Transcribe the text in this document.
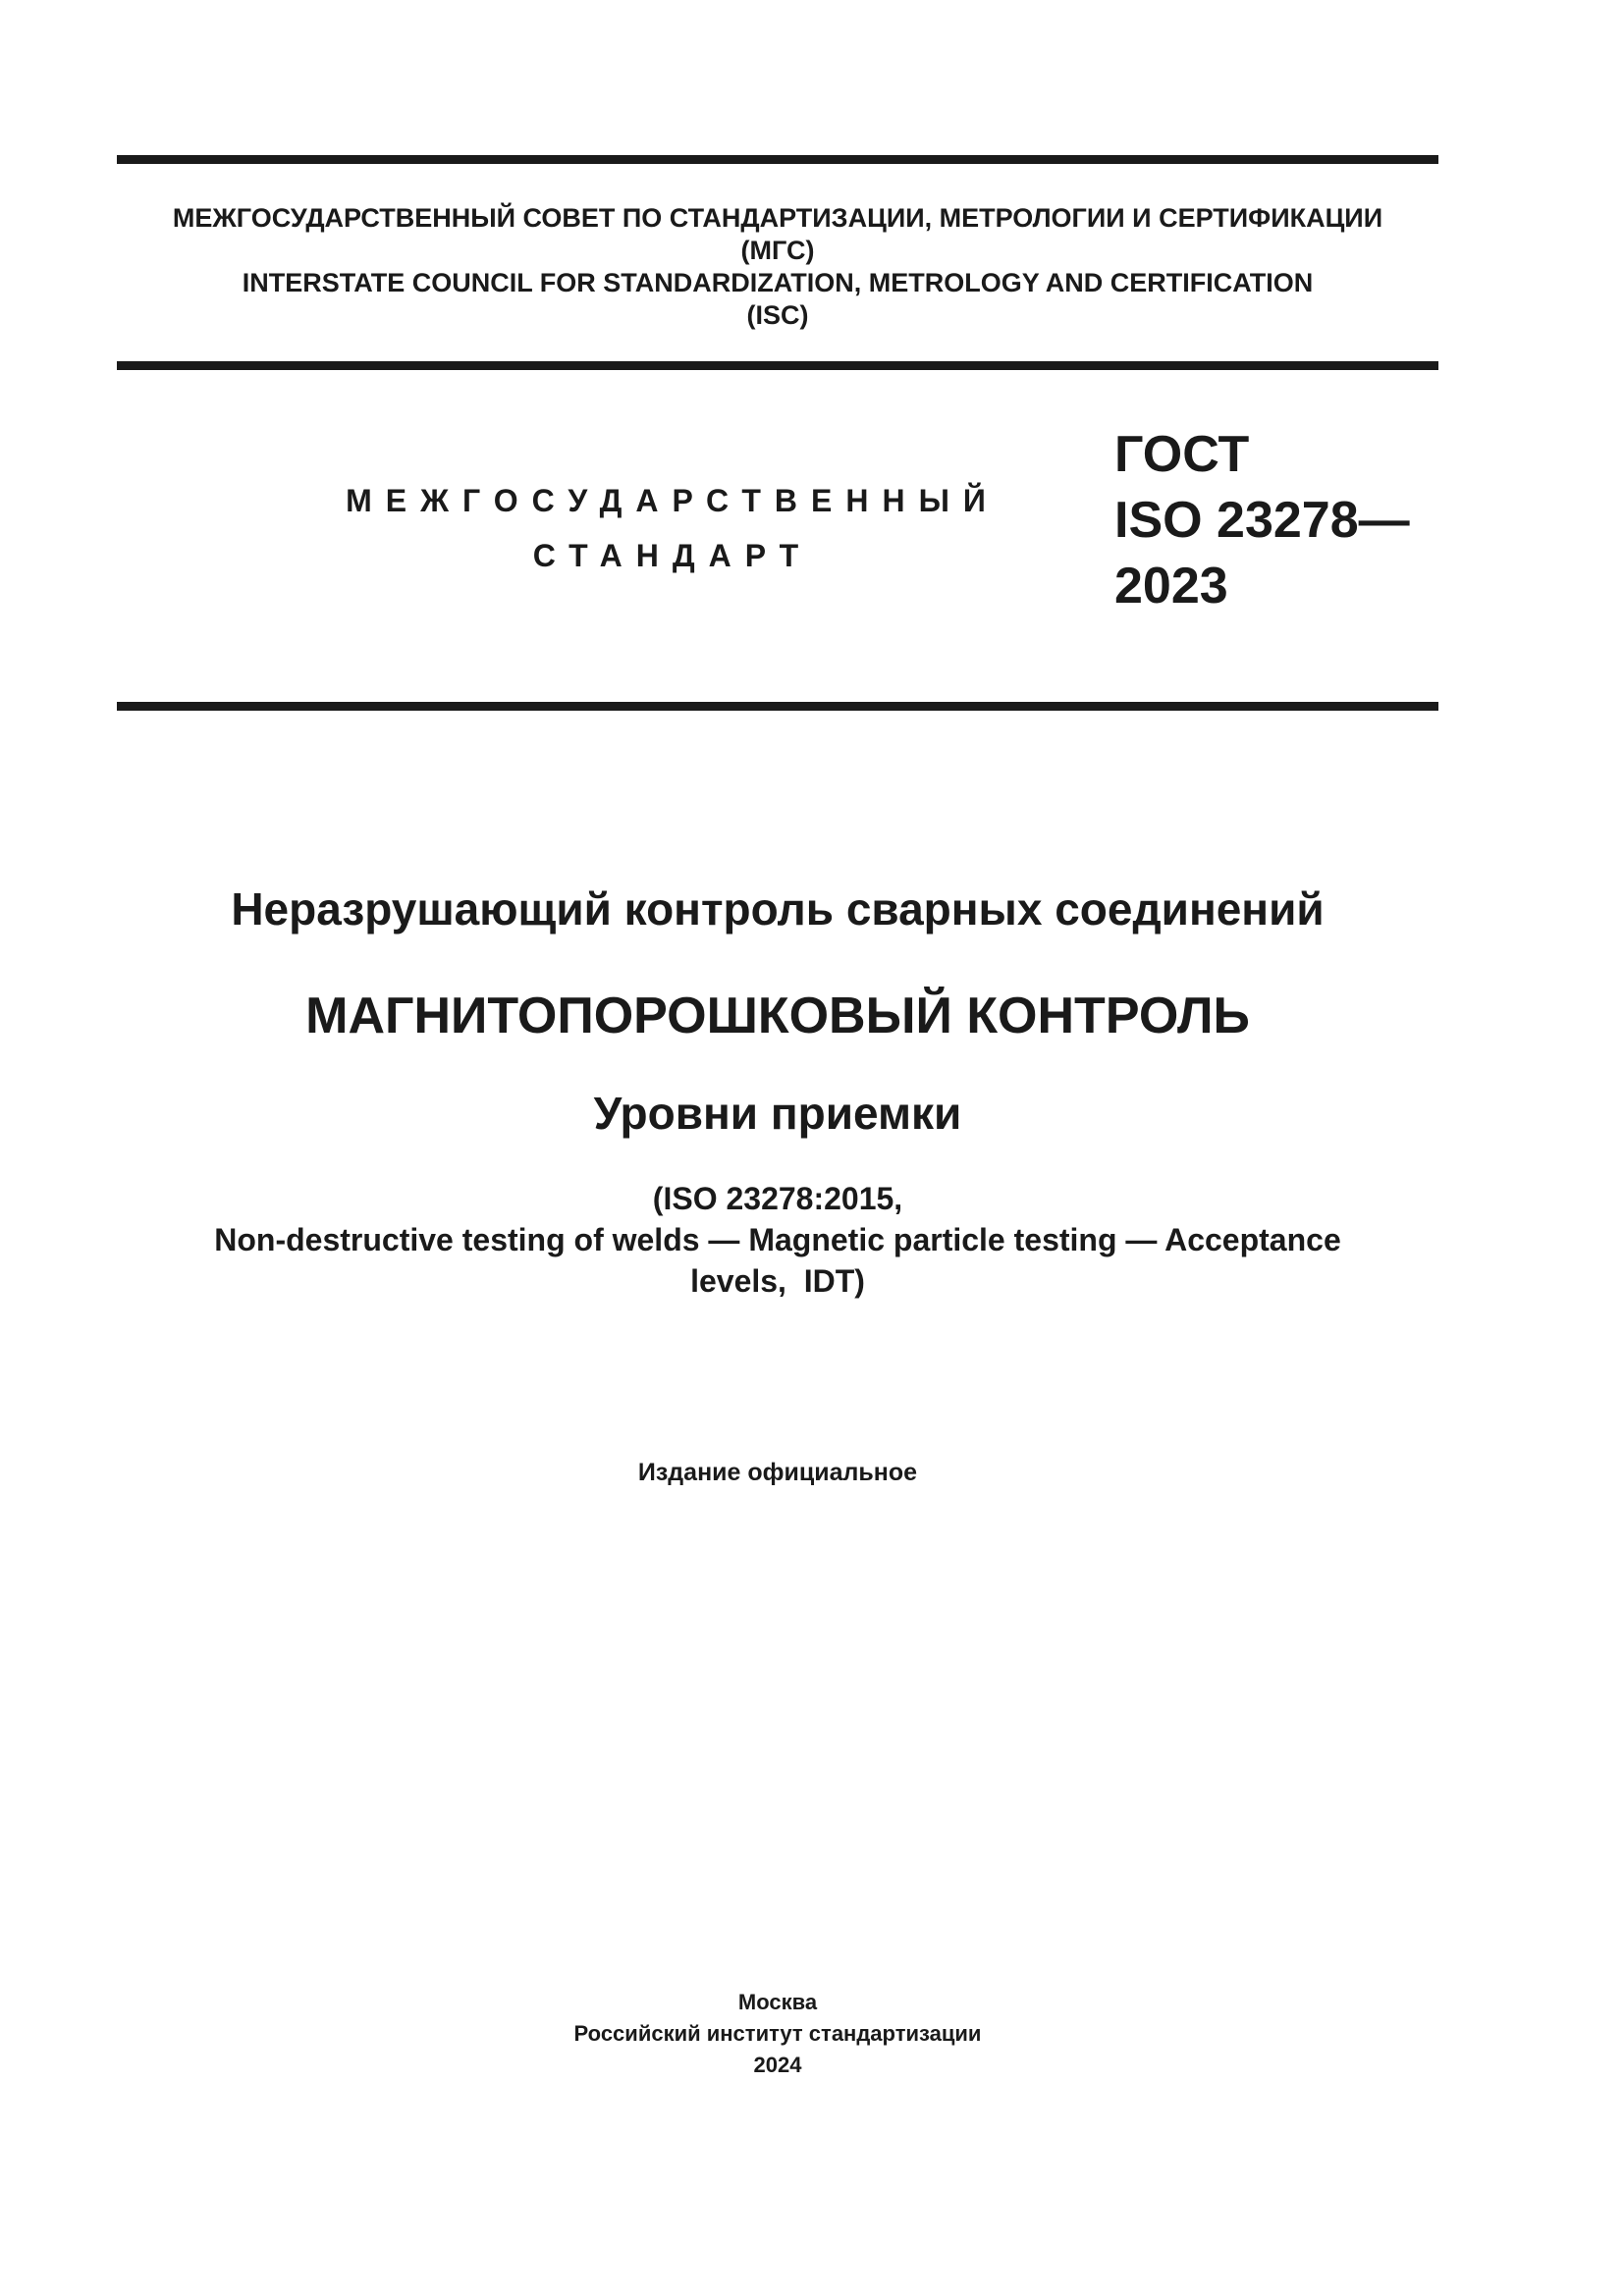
МЕЖГОСУДАРСТВЕННЫЙ СОВЕТ ПО СТАНДАРТИЗАЦИИ, МЕТРОЛОГИИ И СЕРТИФИКАЦИИ
(МГС)
INTERSTATE COUNCIL FOR STANDARDIZATION, METROLOGY AND CERTIFICATION
(ISC)
МЕЖГОСУДАРСТВЕННЫЙ
СТАНДАРТ
ГОСТ
ISO 23278—
2023
Неразрушающий контроль сварных соединений
МАГНИТОПОРОШКОВЫЙ КОНТРОЛЬ
Уровни приемки
(ISO 23278:2015,
Non-destructive testing of welds — Magnetic particle testing — Acceptance
levels,  IDT)
Издание официальное
Москва
Российский институт стандартизации
2024
